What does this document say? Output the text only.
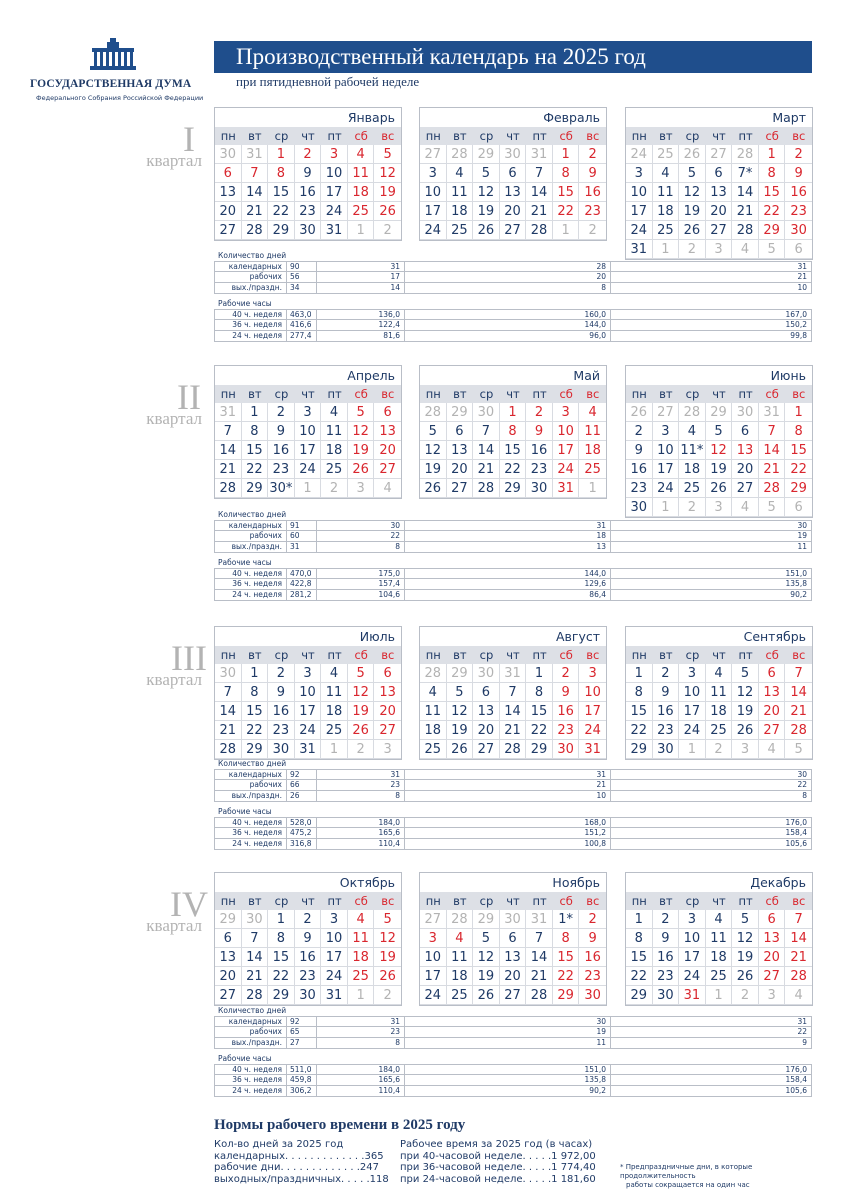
ГОСУДАРСТВЕННАЯ ДУМА
Федерального Собрания Российской Федерации
Производственный календарь на 2025 год
при пятидневной рабочей неделе
I
квартал
Январь
пн	вт	ср	чт	пт	сб	вс
30 31	1	2	3	4	5
6	7	8	9	10 11 12
13 14 15 16 17 18 19
20 21 22 23 24 25 26
27 28 29 30 31	1	2
Февраль
пн	вт	ср	чт	пт	сб	вс
27 28 29 30 31	1	2
3	4	5	6	7	8	9
10 11 12 13 14 15 16
17 18 19 20 21 22 23
24 25 26 27 28	1	2
Март
пн	вт	ср	чт	пт	сб	вс
24 25 26 27 28	1	2
3	4	5	6	7*	8	9
10 11 12 13 14 15 16
17 18 19 20 21 22 23
24 25 26 27 28 29 30
31	1	2	3	4	5	6
II
квартал
Апрель
пн	вт	ср	чт	пт	сб	вс
31	1	2	3	4	5	6
7	8	9	10 11 12 13
14 15 16 17 18 19 20
21 22 23 24 25 26 27
28 29 30* 1	2	3	4
Май
пн	вт	ср	чт	пт	сб	вс
28 29 30	1	2	3	4
5	6	7	8	9	10 11
12 13 14 15 16 17 18
19 20 21 22 23 24 25
26 27 28 29 30 31	1
Июнь
пн	вт	ср	чт	пт	сб	вс
26 27 28 29 30 31	1
2	3	4	5	6	7	8
9	10 11* 12 13 14 15
16 17 18 19 20 21 22
23 24 25 26 27 28 29
30	1	2	3	4	5	6
III
квартал
Июль
пн	вт	ср	чт	пт	сб	вс
30	1	2	3	4	5	6
7	8	9	10 11 12 13
14 15 16 17 18 19 20
21 22 23 24 25 26 27
28 29 30 31	1	2	3
Август
пн	вт	ср	чт	пт	сб	вс
28 29 30 31	1	2	3
4	5	6	7	8	9	10
11 12 13 14 15 16 17
18 19 20 21 22 23 24
25 26 27 28 29 30 31
Сентябрь
пн	вт	ср	чт	пт	сб	вс
1	2	3	4	5	6	7
8	9	10 11 12 13 14
15 16 17 18 19 20 21
22 23 24 25 26 27 28
29 30	1	2	3	4	5
IV
квартал
Октябрь
пн	вт	ср	чт	пт	сб	вс
29 30	1	2	3	4	5
6	7	8	9	10 11 12
13 14 15 16 17 18 19
20 21 22 23 24 25 26
27 28 29 30 31	1	2
Ноябрь
пн	вт	ср	чт	пт	сб	вс
27 28 29 30 31 1*	2
3	4	5	6	7	8	9
10 11 12 13 14 15 16
17 18 19 20 21 22 23
24 25 26 27 28 29 30
Декабрь
пн	вт	ср	чт	пт	сб	вс
1	2	3	4	5	6	7
8	9	10 11 12 13 14
15 16 17 18 19 20 21
22 23 24 25 26 27 28
29 30 31	1	2	3	4
Нормы рабочего времени в 2025 году
Кол-во дней за 2025 год
календарных . . . . . . . . . . . . . 365
рабочие дни . . . . . . . . . . . . . 247
выходных/праздничных . . . . . 118
Рабочее время за 2025 год (в часах)
при 40-часовой неделе . . . . . 1 972,00
при 36-часовой неделе . . . . . 1 774,40
при 24-часовой неделе . . . . . 1 181,60
* Предпраздничные дни, в которые продолжительность
работы сокращается на один час
Количество дней
календарных	90	31	28	31
рабочих	56	17	20	21
вых./праздн.	34	14	8	10
Рабочие часы
40 ч. неделя	463,0	136,0	160,0	167,0
36 ч. неделя	416,6	122,4	144,0	150,2
24 ч. неделя	277,4	81,6	96,0	99,8
Количество дней
календарных	91	30	31	30
рабочих	60	22	18	19
вых./праздн.	31	8	13	11
Рабочие часы
40 ч. неделя	470,0	175,0	144,0	151,0
36 ч. неделя	422,8	157,4	129,6	135,8
24 ч. неделя	281,2	104,6	86,4	90,2
Количество дней
календарных	92	31	31	30
рабочих	66	23	21	22
вых./праздн.	26	8	10	8
Рабочие часы
40 ч. неделя	528,0	184,0	168,0	176,0
36 ч. неделя	475,2	165,6	151,2	158,4
24 ч. неделя	316,8	110,4	100,8	105,6
Количество дней
календарных	92	31	30	31
рабочих	65	23	19	22
вых./праздн.	27	8	11	9
Рабочие часы
40 ч. неделя	511,0	184,0	151,0	176,0
36 ч. неделя	459,8	165,6	135,8	158,4
24 ч. неделя	306,2	110,4	90,2	105,6
